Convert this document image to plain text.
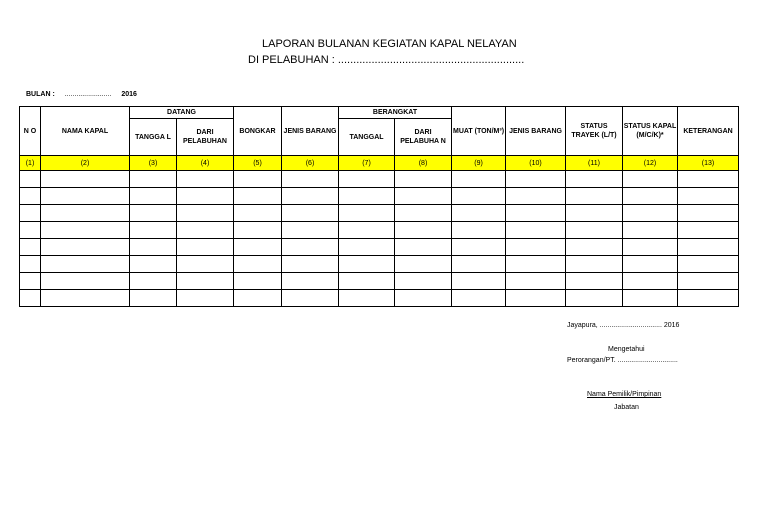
LAPORAN BULANAN KEGIATAN KAPAL NELAYAN
DI PELABUHAN : .............................................................
BULAN : ........................ 2016
N O	NAMA KAPAL	DATANG		BONGKAR	JENIS BARANG	BERANGKAT		MUAT (TON/M³)	JENIS BARANG	STATUS TRAYEK (L/T)	STATUS KAPAL (M/C/K)*	KETERANGAN
		TANGGA L	DARI PELABUHAN			TANGGAL	DARI PELABUHA N					
(1)	(2)	(3)	(4)	(5)	(6)	(7)	(8)	(9)	(10)	(11)	(12)	(13)

Jayapura, ................................ 2016
Mengetahui
Perorangan/PT. ...............................
Nama Pemilik/Pimpinan
Jabatan
